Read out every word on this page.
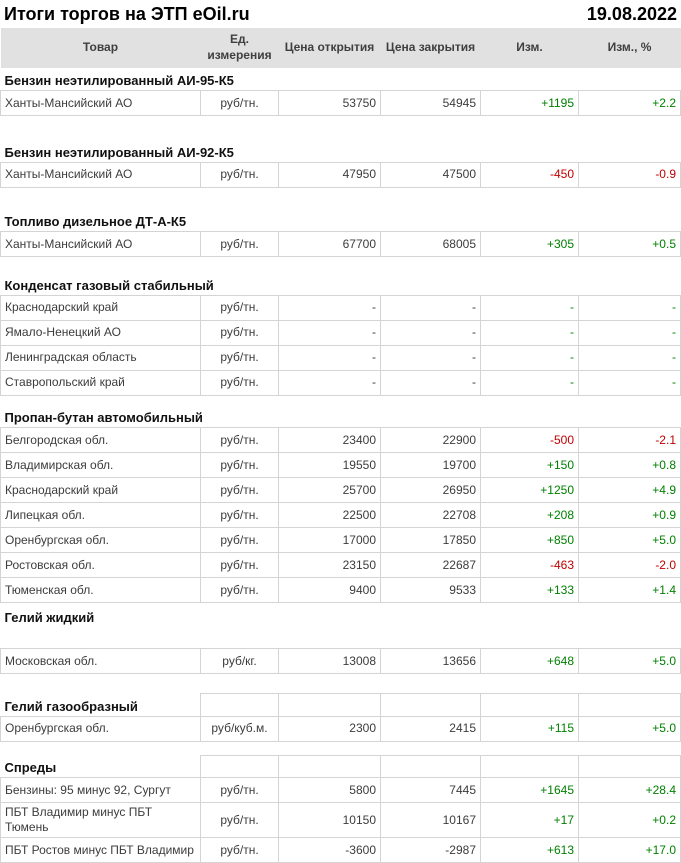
Итоги торгов на ЭТП eOil.ru	19.08.2022
Товар	Ед. измерения	Цена открытия	Цена закрытия	Изм.	Изм., %
Бензин неэтилированный АИ-95-К5					
Ханты-Мансийский АО	руб/тн.	53750	54945	+1195	+2.2

Бензин неэтилированный АИ-92-К5					
Ханты-Мансийский АО	руб/тн.	47950	47500	-450	-0.9

Топливо дизельное ДТ-А-К5					
Ханты-Мансийский АО	руб/тн.	67700	68005	+305	+0.5

Конденсат газовый стабильный					
Краснодарский край	руб/тн.	-	-	-	-
Ямало-Ненецкий АО	руб/тн.	-	-	-	-
Ленинградская область	руб/тн.	-	-	-	-
Ставропольский край	руб/тн.	-	-	-	-

Пропан-бутан автомобильный					
Белгородская обл.	руб/тн.	23400	22900	-500	-2.1
Владимирская обл.	руб/тн.	19550	19700	+150	+0.8
Краснодарский край	руб/тн.	25700	26950	+1250	+4.9
Липецкая обл.	руб/тн.	22500	22708	+208	+0.9
Оренбургская обл.	руб/тн.	17000	17850	+850	+5.0
Ростовская обл.	руб/тн.	23150	22687	-463	-2.0
Тюменская обл.	руб/тн.	9400	9533	+133	+1.4

Гелий жидкий					

Московская обл.	руб/кг.	13008	13656	+648	+5.0

Гелий газообразный					
Оренбургская обл.	руб/куб.м.	2300	2415	+115	+5.0

Спреды					
Бензины: 95 минус 92, Сургут	руб/тн.	5800	7445	+1645	+28.4
ПБТ Владимир минус ПБТ Тюмень	руб/тн.	10150	10167	+17	+0.2
ПБТ Ростов минус ПБТ Владимир	руб/тн.	-3600	-2987	+613	+17.0
